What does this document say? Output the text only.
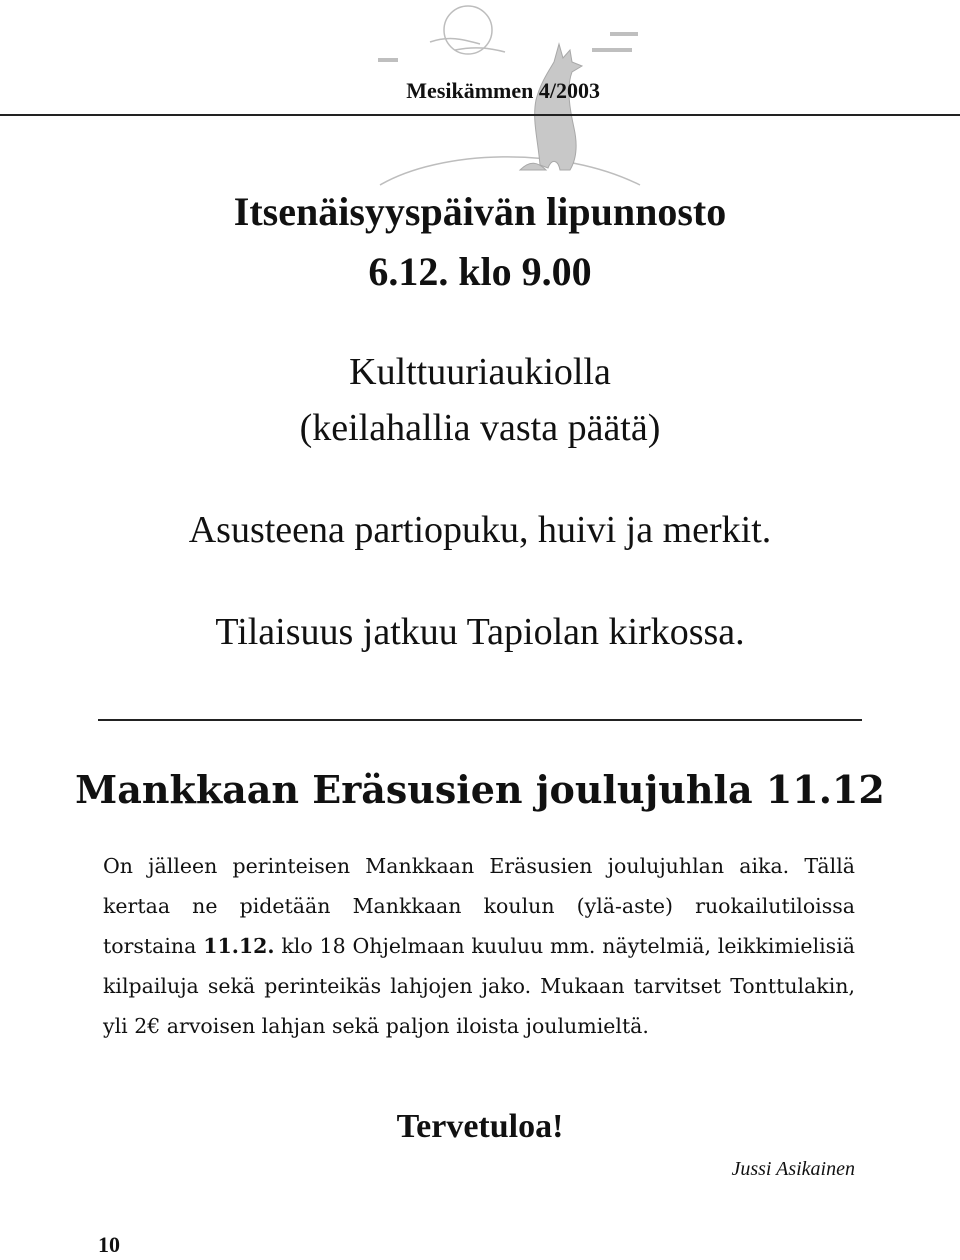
Mesikämmen 4/2003
Itsenäisyyspäivän lipunnosto
6.12. klo 9.00
Kulttuuriaukiolla
(keilahallia vasta päätä)
Asusteena partiopuku, huivi ja merkit.
Tilaisuus jatkuu Tapiolan kirkossa.
Mankkaan Eräsusien joulujuhla 11.12
On jälleen perinteisen Mankkaan Eräsusien joulujuhlan aika. Tällä kertaa ne pidetään Mankkaan koulun (ylä-aste) ruokailutiloissa torstaina 11.12. klo 18 Ohjelmaan kuuluu mm. näytelmiä, leikkimielisiä kilpailuja sekä perinteikäs lahjojen jako. Mukaan tarvitset Tonttulakin, yli 2€ arvoisen lahjan sekä paljon iloista joulumieltä.
Tervetuloa!
Jussi Asikainen
10
